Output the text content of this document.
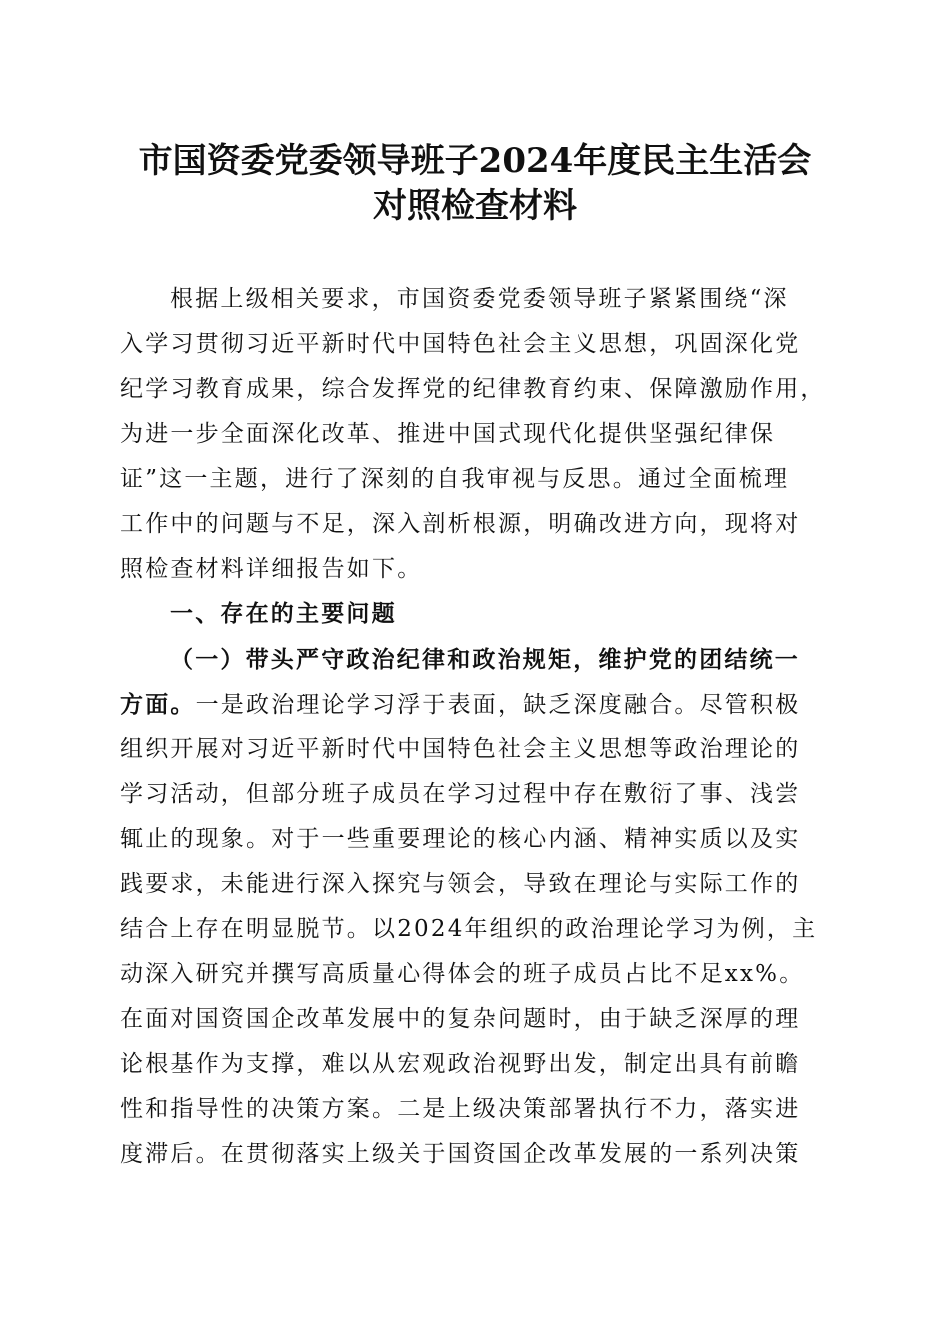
市国资委党委领导班子2024年度民主生活会
对照检查材料
根据上级相关要求，市国资委党委领导班子紧紧围绕“深
入学习贯彻习近平新时代中国特色社会主义思想，巩固深化党
纪学习教育成果，综合发挥党的纪律教育约束、保障激励作用，
为进一步全面深化改革、推进中国式现代化提供坚强纪律保
证”这一主题，进行了深刻的自我审视与反思。通过全面梳理
工作中的问题与不足，深入剖析根源，明确改进方向，现将对
照检查材料详细报告如下。
一、存在的主要问题
（一）带头严守政治纪律和政治规矩，维护党的团结统一
方面。一是政治理论学习浮于表面，缺乏深度融合。尽管积极
组织开展对习近平新时代中国特色社会主义思想等政治理论的
学习活动，但部分班子成员在学习过程中存在敷衍了事、浅尝
辄止的现象。对于一些重要理论的核心内涵、精神实质以及实
践要求，未能进行深入探究与领会，导致在理论与实际工作的
结合上存在明显脱节。以2024年组织的政治理论学习为例，主
动深入研究并撰写高质量心得体会的班子成员占比不足xx%。
在面对国资国企改革发展中的复杂问题时，由于缺乏深厚的理
论根基作为支撑，难以从宏观政治视野出发，制定出具有前瞻
性和指导性的决策方案。二是上级决策部署执行不力，落实进
度滞后。在贯彻落实上级关于国资国企改革发展的一系列决策
